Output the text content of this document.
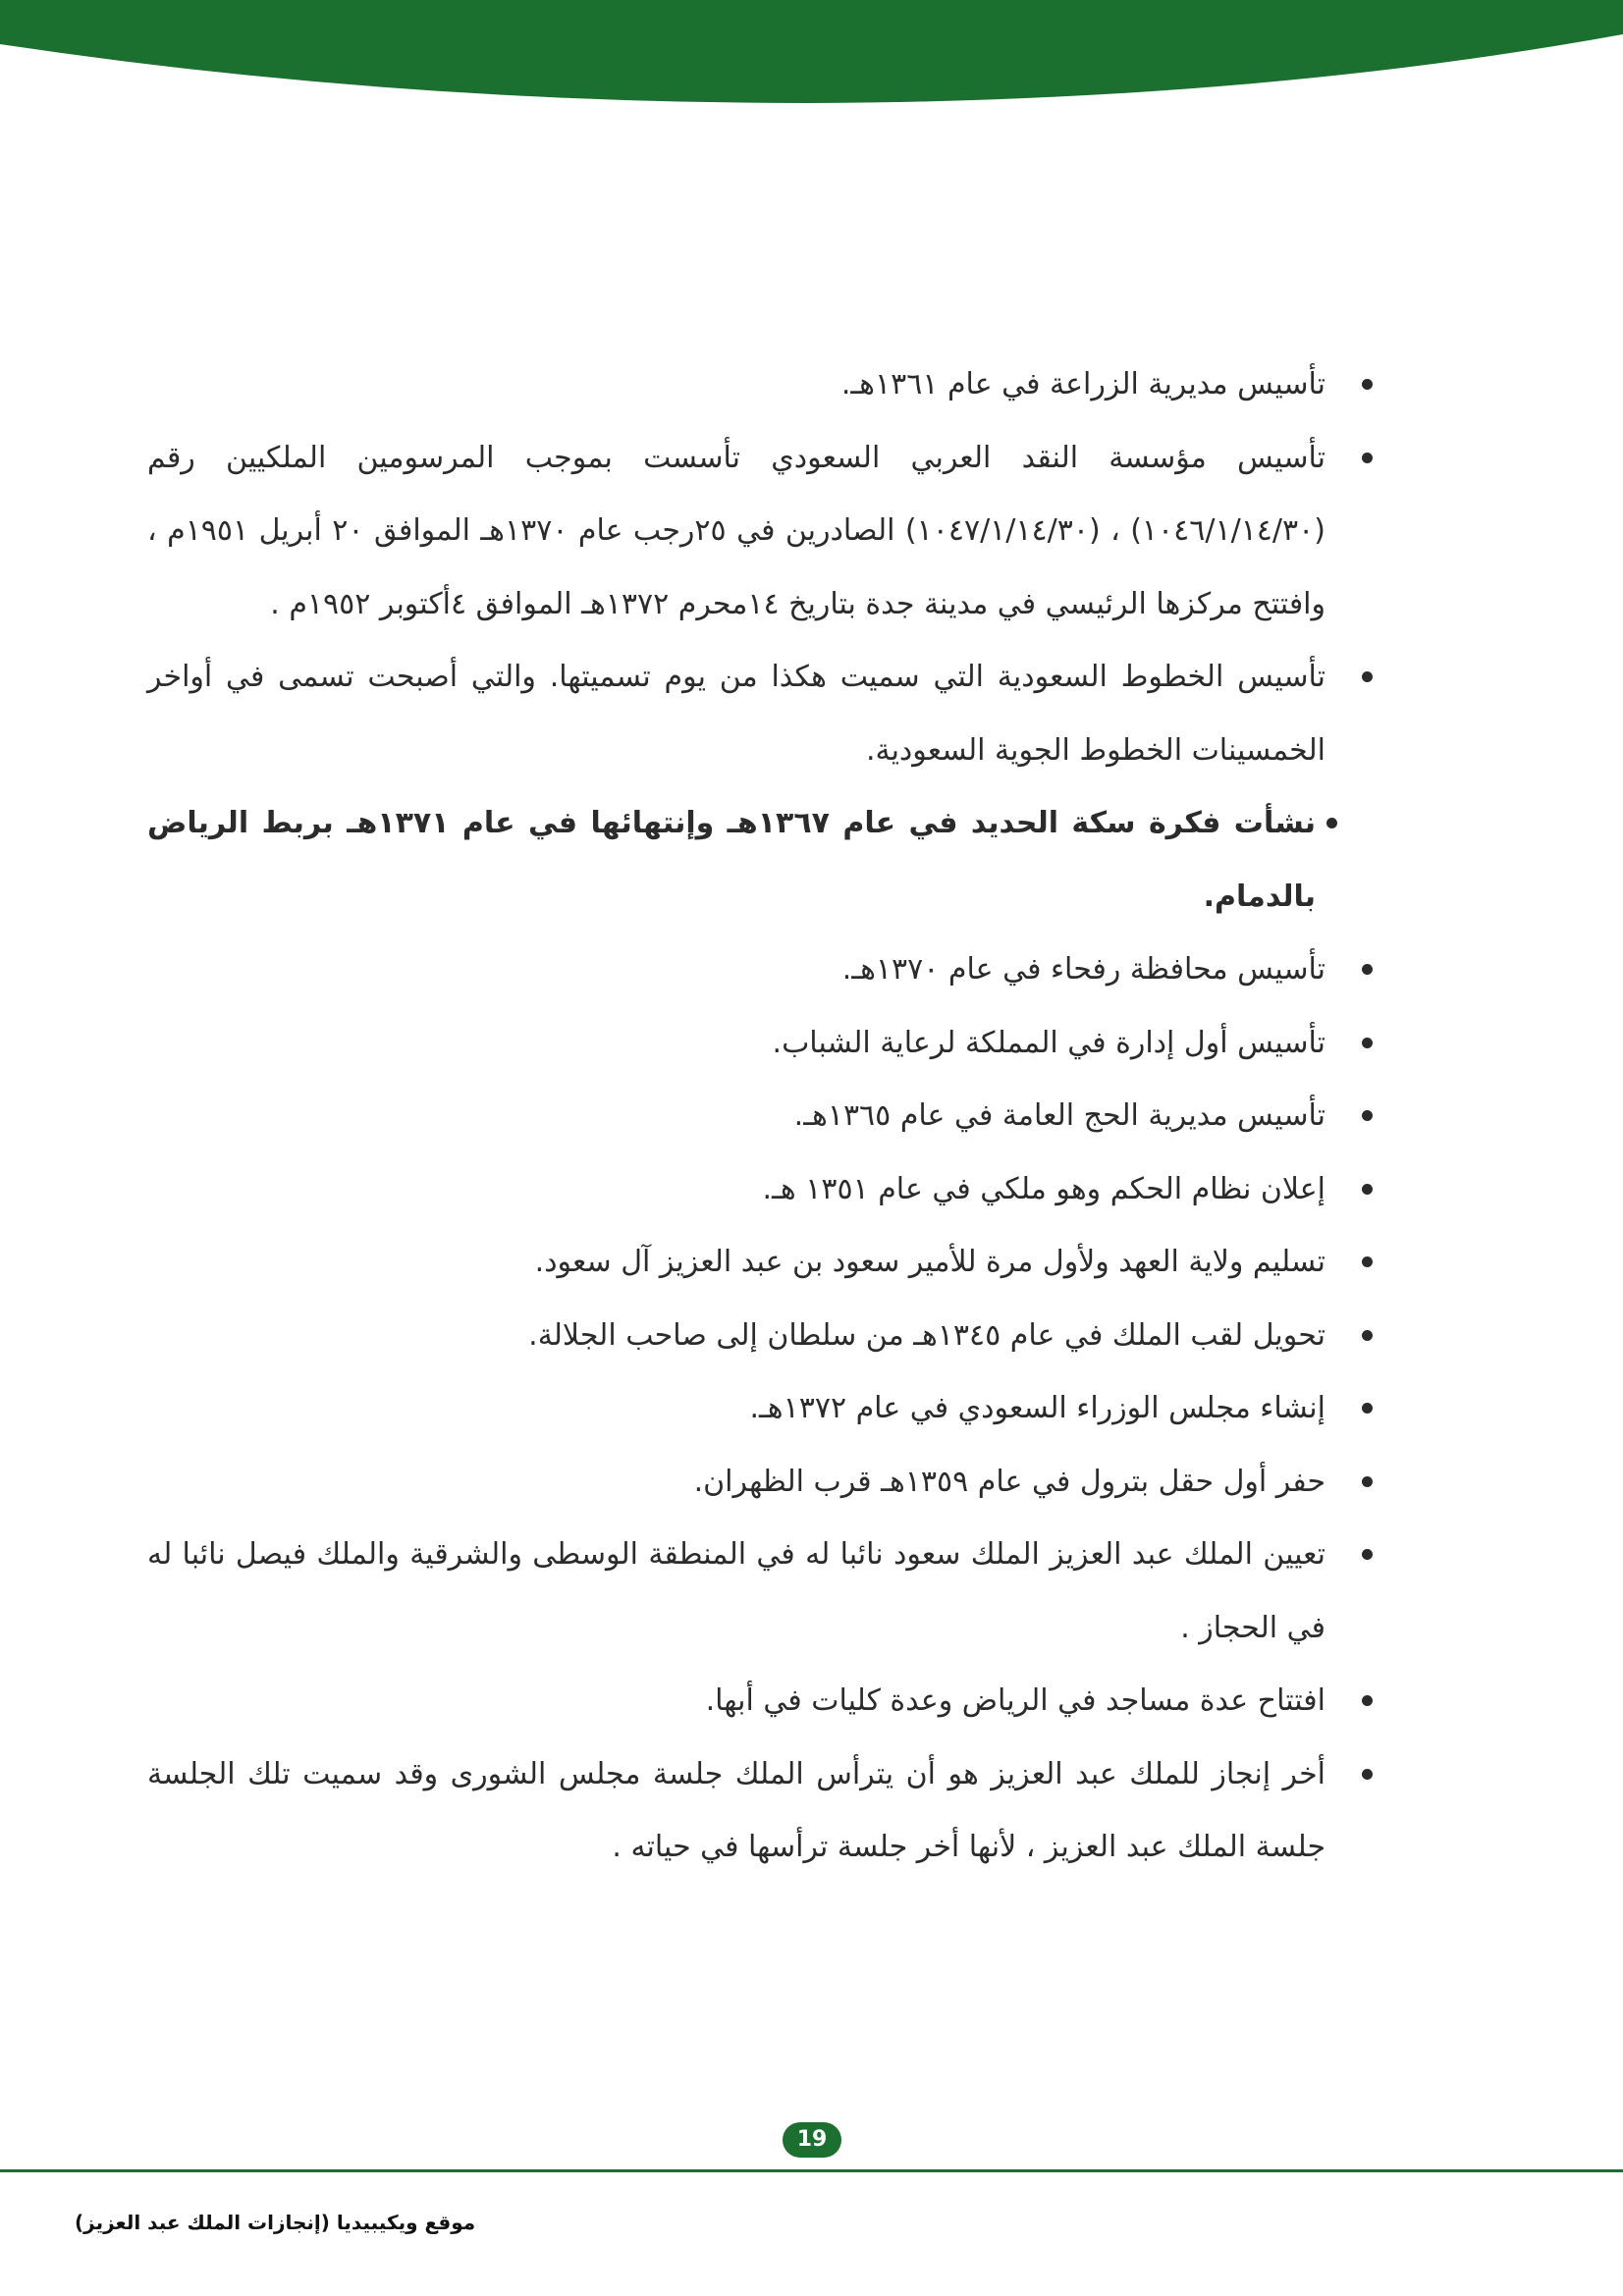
تأسيس مديرية الزراعة في عام ١٣٦١هـ.

تأسيس مؤسسة النقد العربي السعودي تأسست بموجب المرسومين الملكيين رقم (١٠٤٦/١/١٤/٣٠) ، (١٠٤٧/١/١٤/٣٠) الصادرين في ٢٥رجب عام ١٣٧٠هـ الموافق ٢٠ أبريل ١٩٥١م ، وافتتح مركزها الرئيسي في مدينة جدة بتاريخ ١٤محرم ١٣٧٢هـ الموافق ٤أكتوبر ١٩٥٢م .

تأسيس الخطوط السعودية التي سميت هكذا من يوم تسميتها. والتي أصبحت تسمى في أواخر الخمسينات الخطوط الجوية السعودية.

نشأت فكرة سكة الحديد في عام ١٣٦٧هـ وإنتهائها في عام ١٣٧١هـ بربط الرياض بالدمام.

تأسيس محافظة رفحاء في عام ١٣٧٠هـ.

تأسيس أول إدارة في المملكة لرعاية الشباب.

تأسيس مديرية الحج العامة في عام ١٣٦٥هـ.

إعلان نظام الحكم وهو ملكي في عام ١٣٥١ هـ.

تسليم ولاية العهد ولأول مرة للأمير سعود بن عبد العزيز آل سعود.

تحويل لقب الملك في عام ١٣٤٥هـ من سلطان إلى صاحب الجلالة.

إنشاء مجلس الوزراء السعودي في عام ١٣٧٢هـ.

حفر أول حقل بترول في عام ١٣٥٩هـ قرب الظهران.

تعيين الملك عبد العزيز الملك سعود نائبا له في المنطقة الوسطى والشرقية والملك فيصل نائبا له في الحجاز .

افتتاح عدة مساجد في الرياض وعدة كليات في أبها.

أخر إنجاز للملك عبد العزيز هو أن يترأس الملك جلسة مجلس الشورى وقد سميت تلك الجلسة جلسة الملك عبد العزيز ، لأنها أخر جلسة ترأسها في حياته .

19
موقع ويكيبيديا (إنجازات الملك عبد العزيز)
